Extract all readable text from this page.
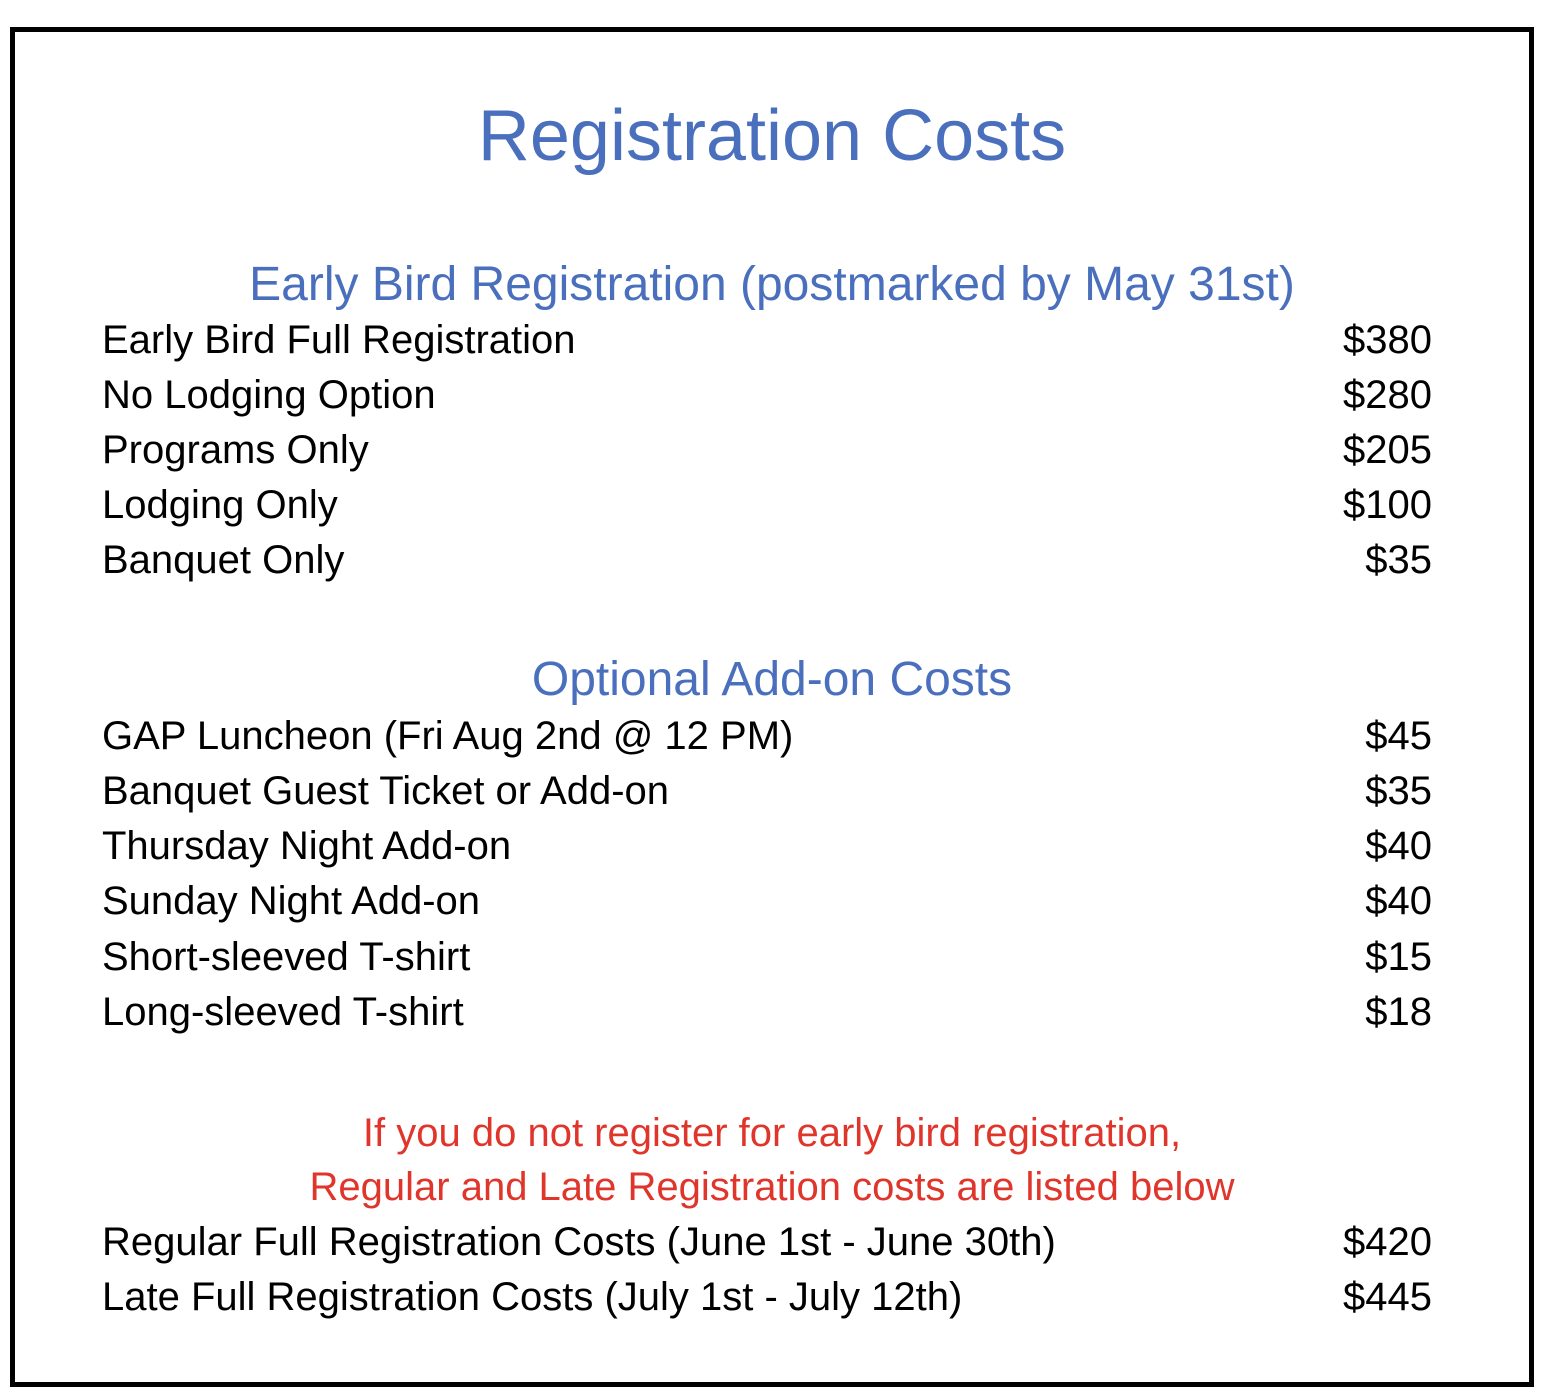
Registration Costs
Early Bird Registration (postmarked by May 31st)
Early Bird Full Registration	$380
No Lodging Option	$280
Programs Only	$205
Lodging Only	$100
Banquet Only	$35
Optional Add-on Costs
GAP Luncheon (Fri Aug 2nd @ 12 PM)	$45
Banquet Guest Ticket or Add-on	$35
Thursday Night Add-on	$40
Sunday Night Add-on	$40
Short-sleeved T-shirt	$15
Long-sleeved T-shirt	$18
If you do not register for early bird registration,
Regular and Late Registration costs are listed below
Regular Full Registration Costs (June 1st - June 30th)	$420
Late Full Registration Costs (July 1st - July 12th)	$445
